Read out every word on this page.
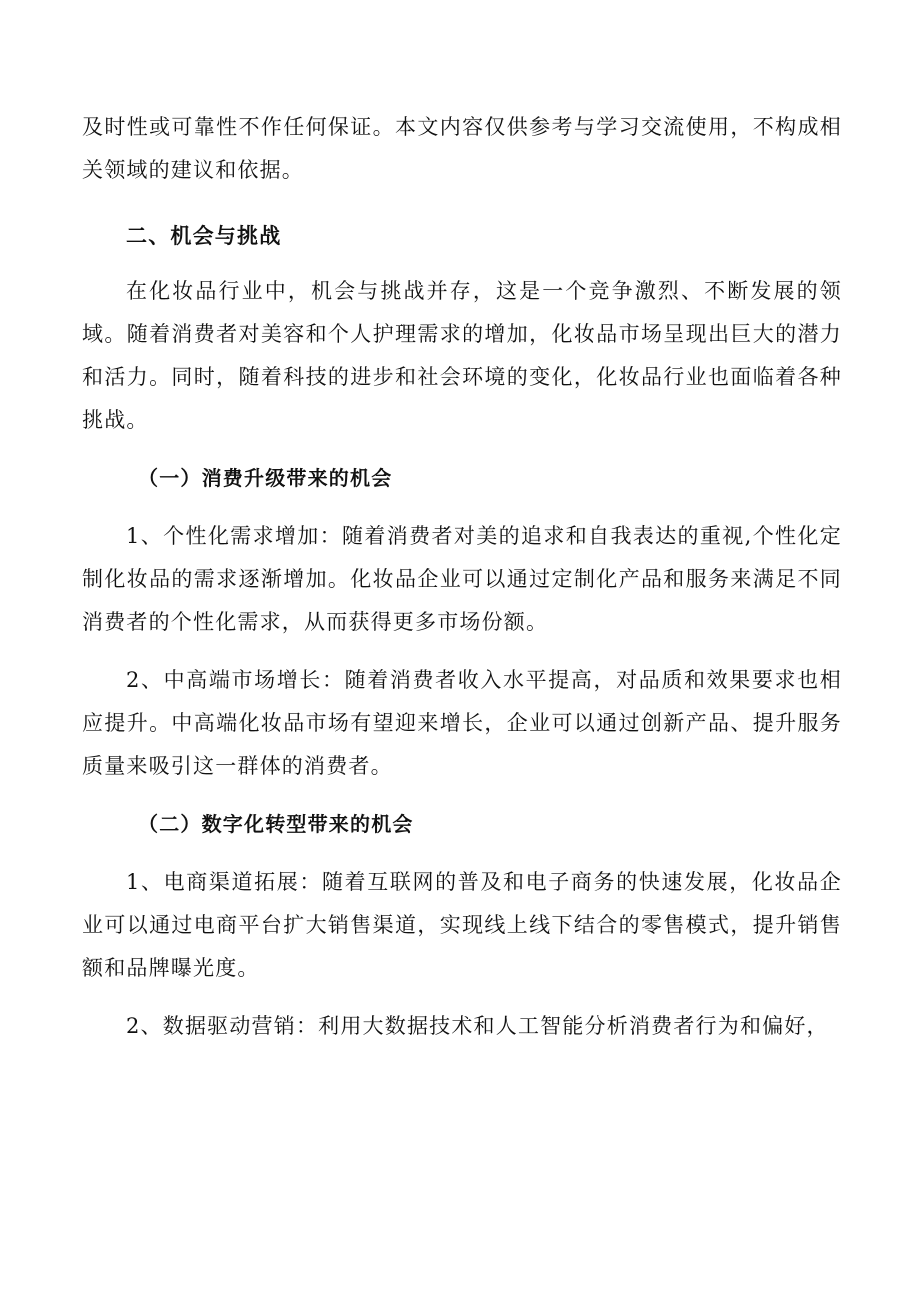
及时性或可靠性不作任何保证。本文内容仅供参考与学习交流使用，不构成相关领域的建议和依据。

二、机会与挑战

在化妆品行业中，机会与挑战并存，这是一个竞争激烈、不断发展的领域。随着消费者对美容和个人护理需求的增加，化妆品市场呈现出巨大的潜力和活力。同时，随着科技的进步和社会环境的变化，化妆品行业也面临着各种挑战。

（一）消费升级带来的机会

1、个性化需求增加：随着消费者对美的追求和自我表达的重视,个性化定制化妆品的需求逐渐增加。化妆品企业可以通过定制化产品和服务来满足不同消费者的个性化需求，从而获得更多市场份额。

2、中高端市场增长：随着消费者收入水平提高，对品质和效果要求也相应提升。中高端化妆品市场有望迎来增长，企业可以通过创新产品、提升服务质量来吸引这一群体的消费者。

（二）数字化转型带来的机会

1、电商渠道拓展：随着互联网的普及和电子商务的快速发展，化妆品企业可以通过电商平台扩大销售渠道，实现线上线下结合的零售模式，提升销售额和品牌曝光度。

2、数据驱动营销：利用大数据技术和人工智能分析消费者行为和偏好，
